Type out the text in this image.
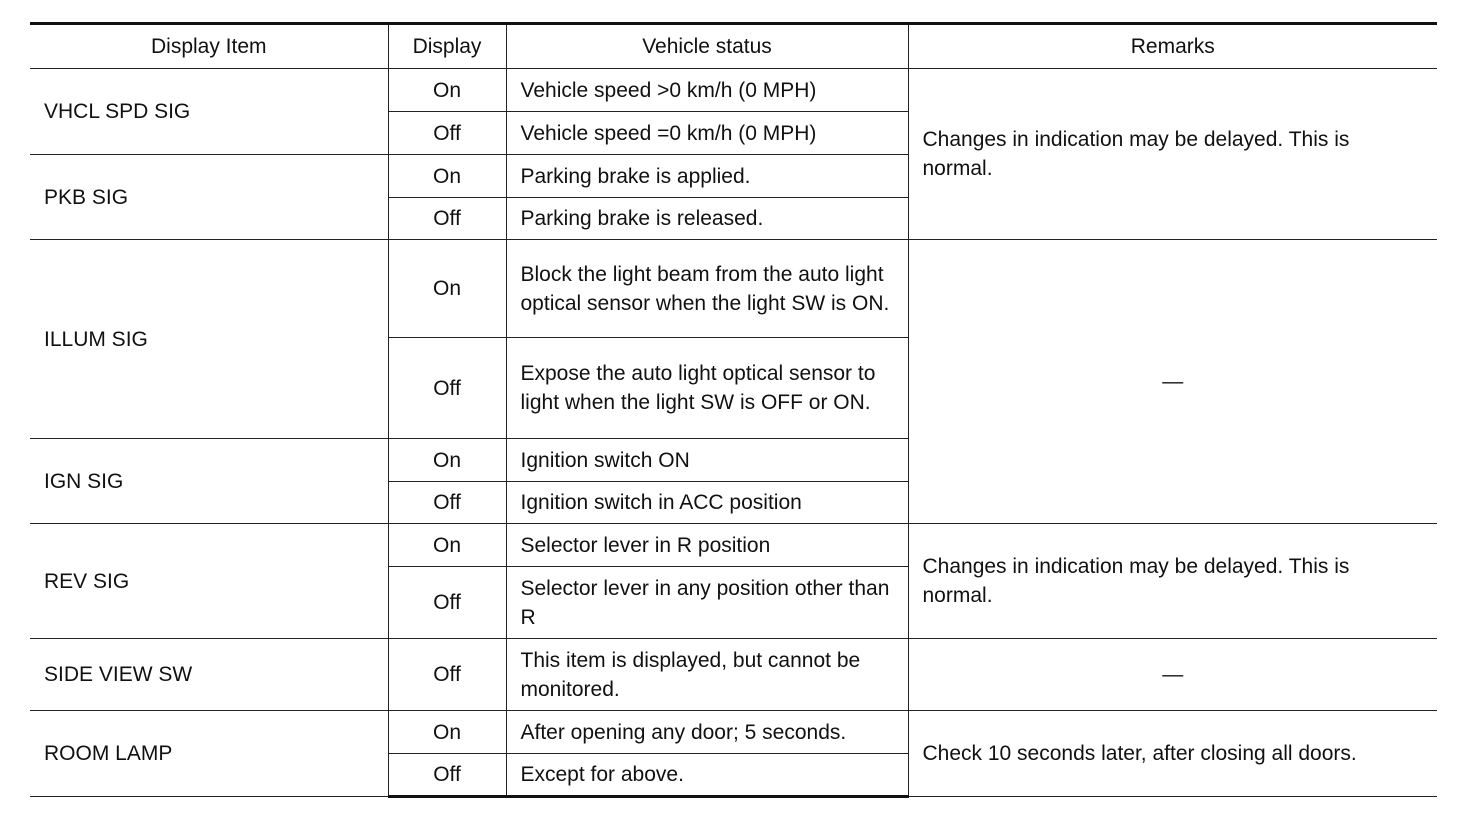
Display Item	Display	Vehicle status	Remarks
VHCL SPD SIG	On	Vehicle speed >0 km/h (0 MPH)	Changes in indication may be delayed. This is normal.
	Off	Vehicle speed =0 km/h (0 MPH)	
PKB SIG	On	Parking brake is applied.	
	Off	Parking brake is released.	
ILLUM SIG	On	Block the light beam from the auto light optical sensor when the light SW is ON.	—
	Off	Expose the auto light optical sensor to light when the light SW is OFF or ON.	
IGN SIG	On	Ignition switch ON	
	Off	Ignition switch in ACC position	
REV SIG	On	Selector lever in R position	Changes in indication may be delayed. This is normal.
	Off	Selector lever in any position other than R	
SIDE VIEW SW	Off	This item is displayed, but cannot be monitored.	—
ROOM LAMP	On	After opening any door; 5 seconds.	Check 10 seconds later, after closing all doors.
	Off	Except for above.	
